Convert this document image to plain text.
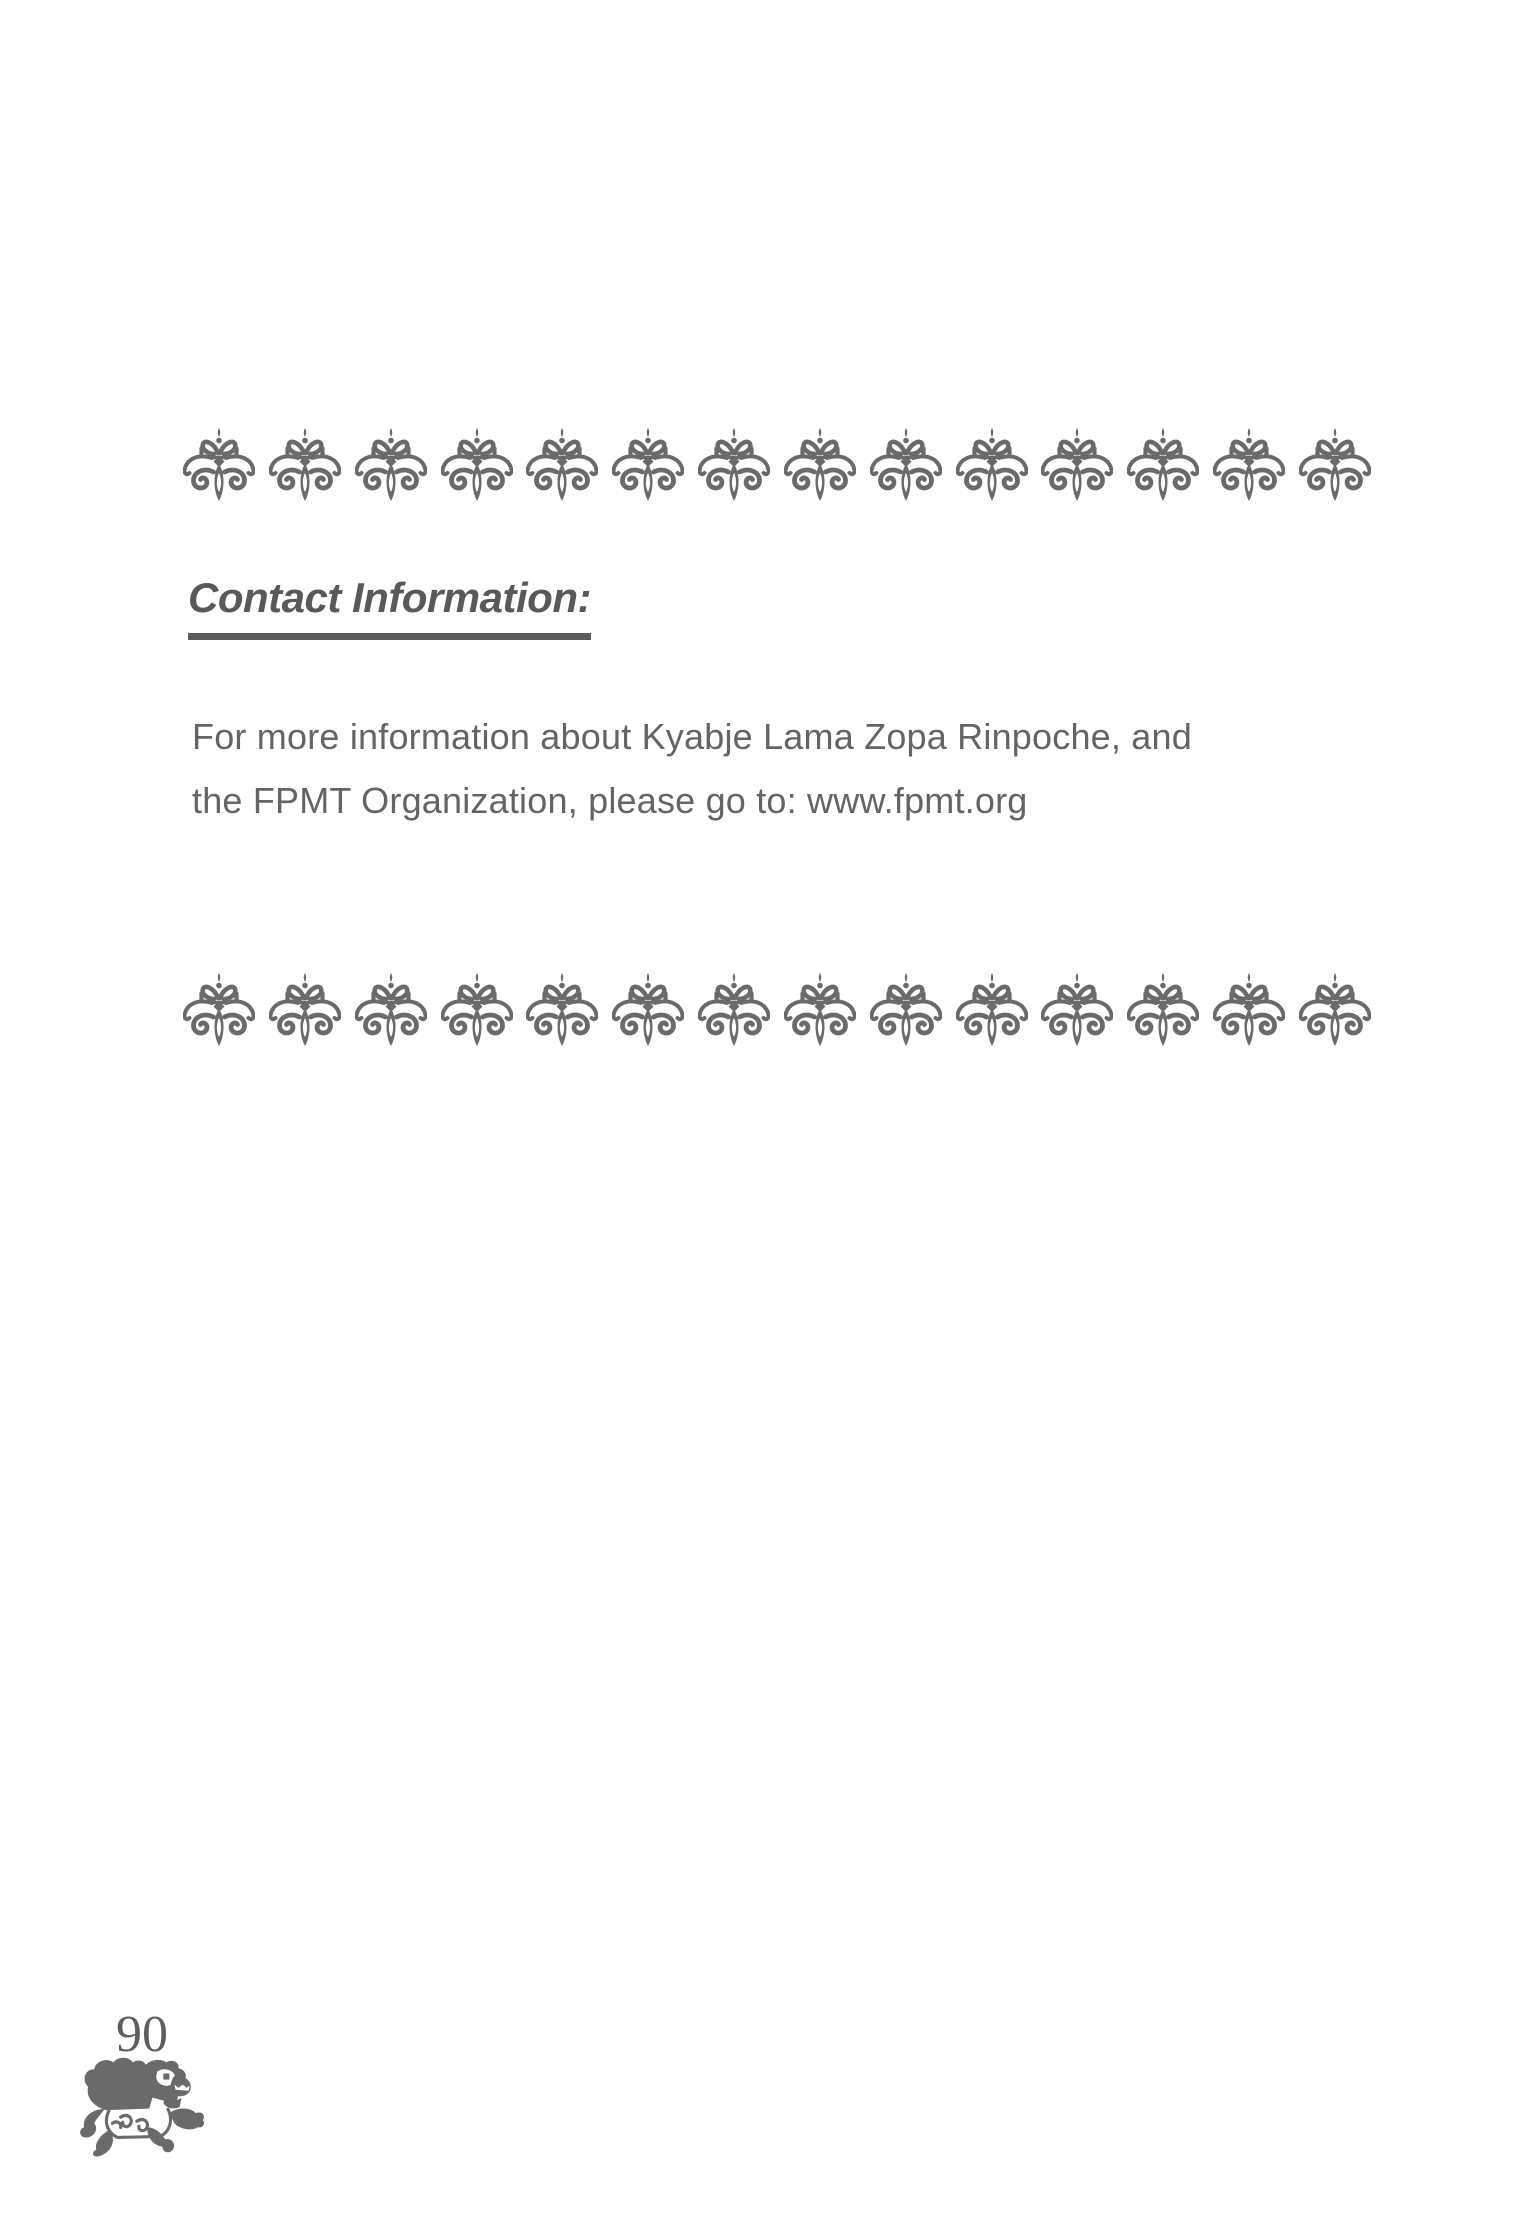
Contact Information:
For more information about Kyabje Lama Zopa Rinpoche, and
the FPMT Organization, please go to: www.fpmt.org
90
